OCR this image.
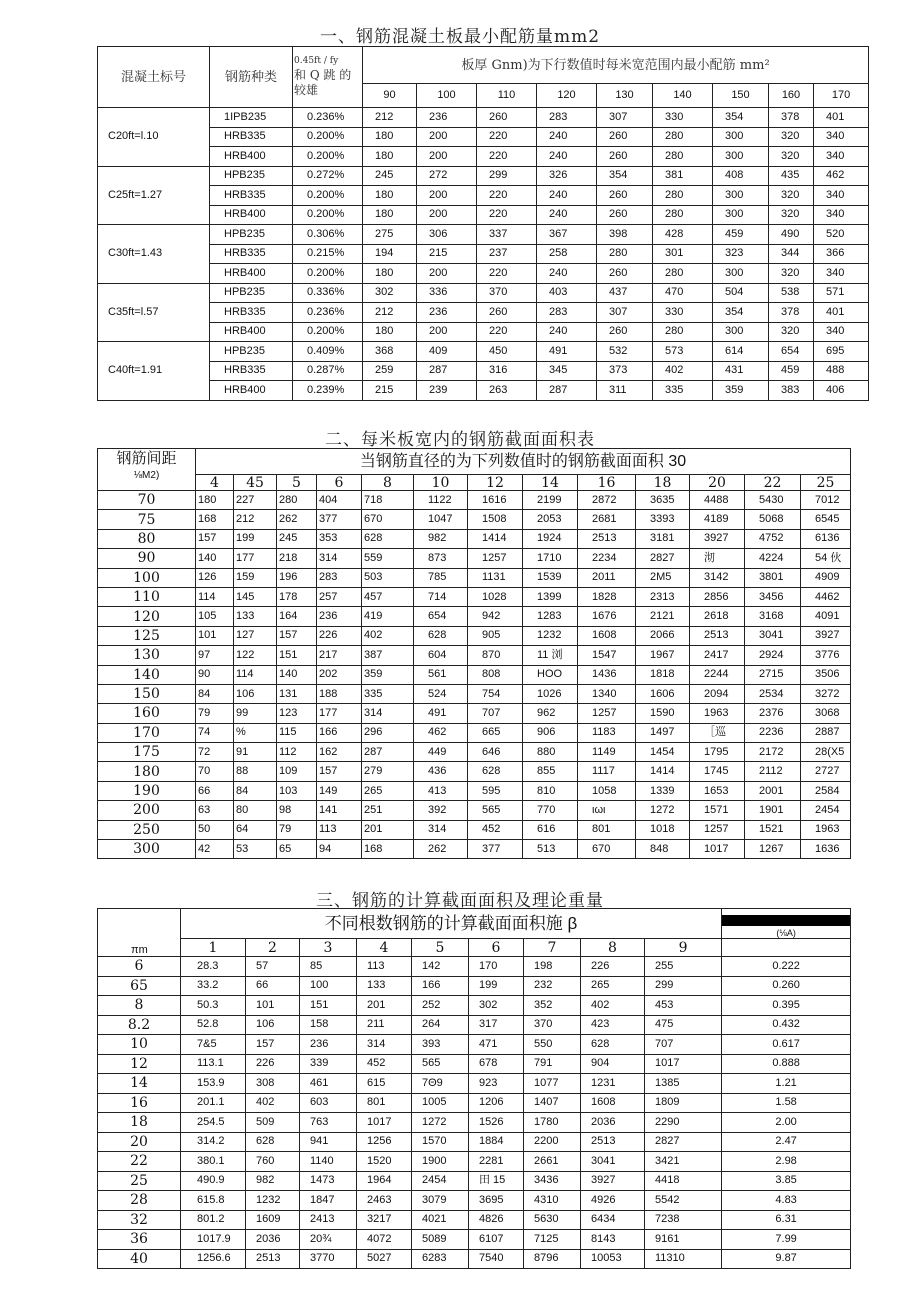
一、钢筋混凝土板最小配筋量mm2
混凝土标号	钢筋种类	0.45ft / fy
和 Q 跳 的
较雄	板厚 Gnm)为下行数值时每米宽范围内最小配筋 mm²								
			90	100	110	120	130	140	150	160	170
C20ft=l.10	1IPB235	0.236%	212	236	260	283	307	330	354	378	401
	HRB335	0.200%	180	200	220	240	260	280	300	320	340
	HRB400	0.200%	180	200	220	240	260	280	300	320	340
C25ft=1.27	HPB235	0.272%	245	272	299	326	354	381	408	435	462
	HRB335	0.200%	180	200	220	240	260	280	300	320	340
	HRB400	0.200%	180	200	220	240	260	280	300	320	340
C30ft=1.43	HPB235	0.306%	275	306	337	367	398	428	459	490	520
	HRB335	0.215%	194	215	237	258	280	301	323	344	366
	HRB400	0.200%	180	200	220	240	260	280	300	320	340
C35ft=l.57	HPB235	0.336%	302	336	370	403	437	470	504	538	571
	HRB335	0.236%	212	236	260	283	307	330	354	378	401
	HRB400	0.200%	180	200	220	240	260	280	300	320	340
C40ft=1.91	HPB235	0.409%	368	409	450	491	532	573	614	654	695
	HRB335	0.287%	259	287	316	345	373	402	431	459	488
	HRB400	0.239%	215	239	263	287	311	335	359	383	406
二、每米板宽内的钢筋截面面积表
钢筋间距
⅛M2)	当钢筋直径的为下列数值时的钢筋截面面积 30												
	4	45	5	6	8	10	12	14	16	18	20	22	25
70	180	227	280	404	718	1122	1616	2199	2872	3635	4488	5430	7012
75	168	212	262	377	670	1047	1508	2053	2681	3393	4189	5068	6545
80	157	199	245	353	628	982	1414	1924	2513	3181	3927	4752	6136
90	140	177	218	314	559	873	1257	1710	2234	2827	沏	4224	54 伙
100	126	159	196	283	503	785	1131	1539	2011	2M5	3142	3801	4909
110	114	145	178	257	457	714	1028	1399	1828	2313	2856	3456	4462
120	105	133	164	236	419	654	942	1283	1676	2121	2618	3168	4091
125	101	127	157	226	402	628	905	1232	1608	2066	2513	3041	3927
130	97	122	151	217	387	604	870	11 浏	1547	1967	2417	2924	3776
140	90	114	140	202	359	561	808	HOO	1436	1818	2244	2715	3506
150	84	106	131	188	335	524	754	1026	1340	1606	2094	2534	3272
160	79	99	123	177	314	491	707	962	1257	1590	1963	2376	3068
170	74	%	115	166	296	462	665	906	1183	1497	［巡	2236	2887
175	72	91	112	162	287	449	646	880	1149	1454	1795	2172	28(X5
180	70	88	109	157	279	436	628	855	1117	1414	1745	2112	2727
190	66	84	103	149	265	413	595	810	1058	1339	1653	2001	2584
200	63	80	98	141	251	392	565	770	ιωι	1272	1571	1901	2454
250	50	64	79	113	201	314	452	616	801	1018	1257	1521	1963
300	42	53	65	94	168	262	377	513	670	848	1017	1267	1636
三、钢筋的计算截面面积及理论重量
	不同根数钢筋的计算截面面积施 β									(⅛A)

πm	1	2	3	4	5	6	7	8	9	
6	28.3	57	85	113	142	170	198	226	255	0.222
65	33.2	66	100	133	166	199	232	265	299	0.260
8	50.3	101	151	201	252	302	352	402	453	0.395
8.2	52.8	106	158	211	264	317	370	423	475	0.432
10	7&5	157	236	314	393	471	550	628	707	0.617
12	113.1	226	339	452	565	678	791	904	1017	0.888
14	153.9	308	461	615	7Θ9	923	1077	1231	1385	1.21
16	201.1	402	603	801	1005	1206	1407	1608	1809	1.58
18	254.5	509	763	1017	1272	1526	1780	2036	2290	2.00
20	314.2	628	941	1256	1570	1884	2200	2513	2827	2.47
22	380.1	760	1140	1520	1900	2281	2661	3041	3421	2.98
25	490.9	982	1473	1964	2454	田 15	3436	3927	4418	3.85
28	615.8	1232	1847	2463	3079	3695	4310	4926	5542	4.83
32	801.2	1609	2413	3217	4021	4826	5630	6434	7238	6.31
36	1017.9	2036	20¾	4072	5089	6107	7125	8143	9161	7.99
40	1256.6	2513	3770	5027	6283	7540	8796	10053	11310	9.87
